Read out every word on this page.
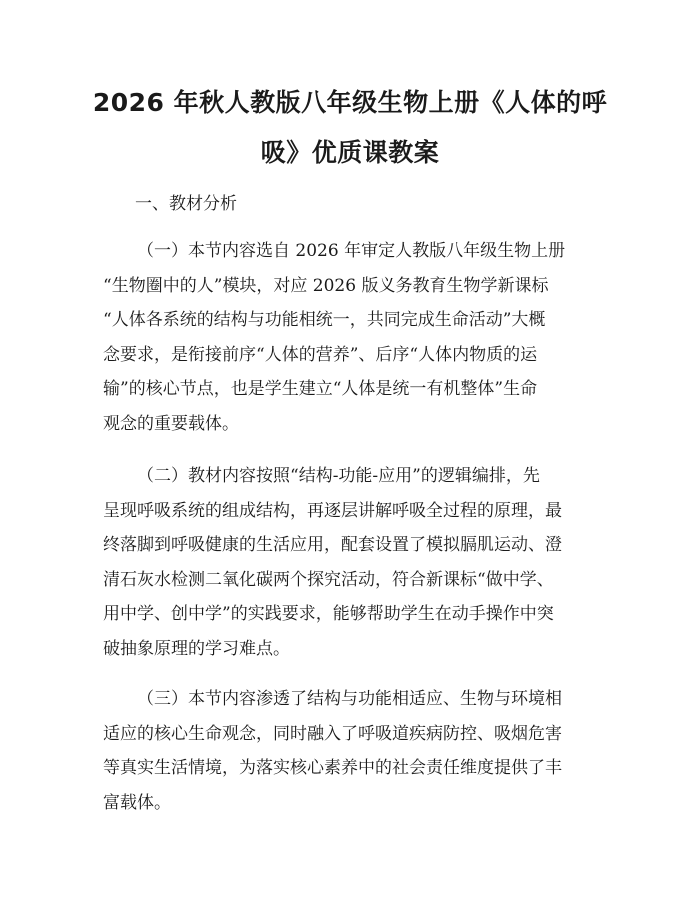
2026 年秋人教版八年级生物上册《人体的呼
吸》优质课教案
一、教材分析
（一）本节内容选自 2026 年审定人教版八年级生物上册
“生物圈中的人”模块，对应 2026 版义务教育生物学新课标
“人体各系统的结构与功能相统一，共同完成生命活动”大概
念要求，是衔接前序“人体的营养”、后序“人体内物质的运
输”的核心节点，也是学生建立“人体是统一有机整体”生命
观念的重要载体。
（二）教材内容按照“结构-功能-应用”的逻辑编排，先
呈现呼吸系统的组成结构，再逐层讲解呼吸全过程的原理，最
终落脚到呼吸健康的生活应用，配套设置了模拟膈肌运动、澄
清石灰水检测二氧化碳两个探究活动，符合新课标“做中学、
用中学、创中学”的实践要求，能够帮助学生在动手操作中突
破抽象原理的学习难点。
（三）本节内容渗透了结构与功能相适应、生物与环境相
适应的核心生命观念，同时融入了呼吸道疾病防控、吸烟危害
等真实生活情境，为落实核心素养中的社会责任维度提供了丰
富载体。
